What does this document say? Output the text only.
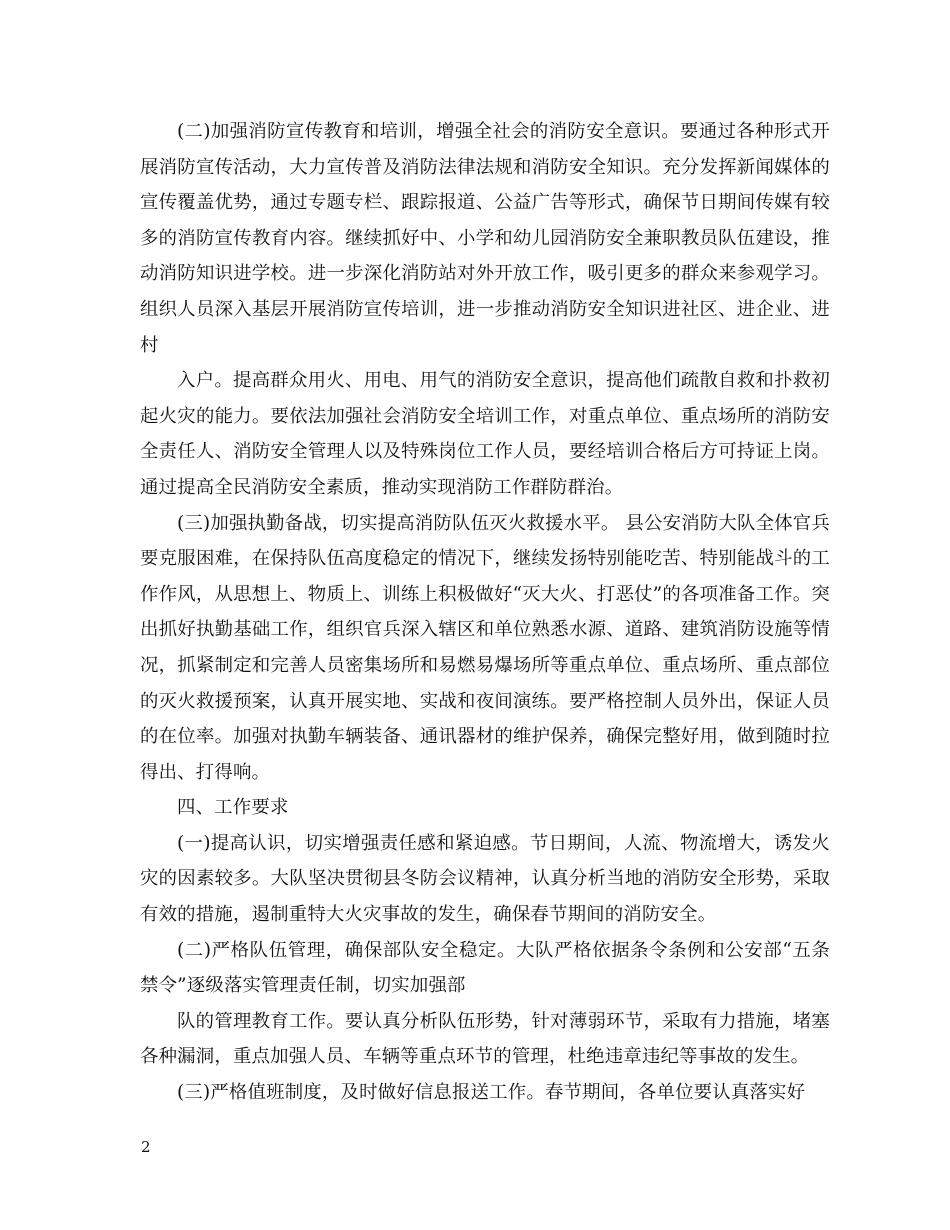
(二)加强消防宣传教育和培训，增强全社会的消防安全意识。要通过各种形式开展消防宣传活动，大力宣传普及消防法律法规和消防安全知识。充分发挥新闻媒体的宣传覆盖优势，通过专题专栏、跟踪报道、公益广告等形式，确保节日期间传媒有较多的消防宣传教育内容。继续抓好中、小学和幼儿园消防安全兼职教员队伍建设，推动消防知识进学校。进一步深化消防站对外开放工作，吸引更多的群众来参观学习。组织人员深入基层开展消防宣传培训，进一步推动消防安全知识进社区、进企业、进村

入户。提高群众用火、用电、用气的消防安全意识，提高他们疏散自救和扑救初起火灾的能力。要依法加强社会消防安全培训工作，对重点单位、重点场所的消防安全责任人、消防安全管理人以及特殊岗位工作人员，要经培训合格后方可持证上岗。通过提高全民消防安全素质，推动实现消防工作群防群治。

(三)加强执勤备战，切实提高消防队伍灭火救援水平。 县公安消防大队全体官兵要克服困难，在保持队伍高度稳定的情况下，继续发扬特别能吃苦、特别能战斗的工作作风，从思想上、物质上、训练上积极做好“灭大火、打恶仗”的各项准备工作。突出抓好执勤基础工作，组织官兵深入辖区和单位熟悉水源、道路、建筑消防设施等情况，抓紧制定和完善人员密集场所和易燃易爆场所等重点单位、重点场所、重点部位的灭火救援预案，认真开展实地、实战和夜间演练。要严格控制人员外出，保证人员的在位率。加强对执勤车辆装备、通讯器材的维护保养，确保完整好用，做到随时拉得出、打得响。

四、工作要求

(一)提高认识，切实增强责任感和紧迫感。节日期间，人流、物流增大，诱发火灾的因素较多。大队坚决贯彻县冬防会议精神，认真分析当地的消防安全形势，采取有效的措施，遏制重特大火灾事故的发生，确保春节期间的消防安全。

(二)严格队伍管理，确保部队安全稳定。大队严格依据条令条例和公安部“五条禁令”逐级落实管理责任制，切实加强部

队的管理教育工作。要认真分析队伍形势，针对薄弱环节，采取有力措施，堵塞各种漏洞，重点加强人员、车辆等重点环节的管理，杜绝违章违纪等事故的发生。

(三)严格值班制度，及时做好信息报送工作。春节期间，各单位要认真落实好

2
